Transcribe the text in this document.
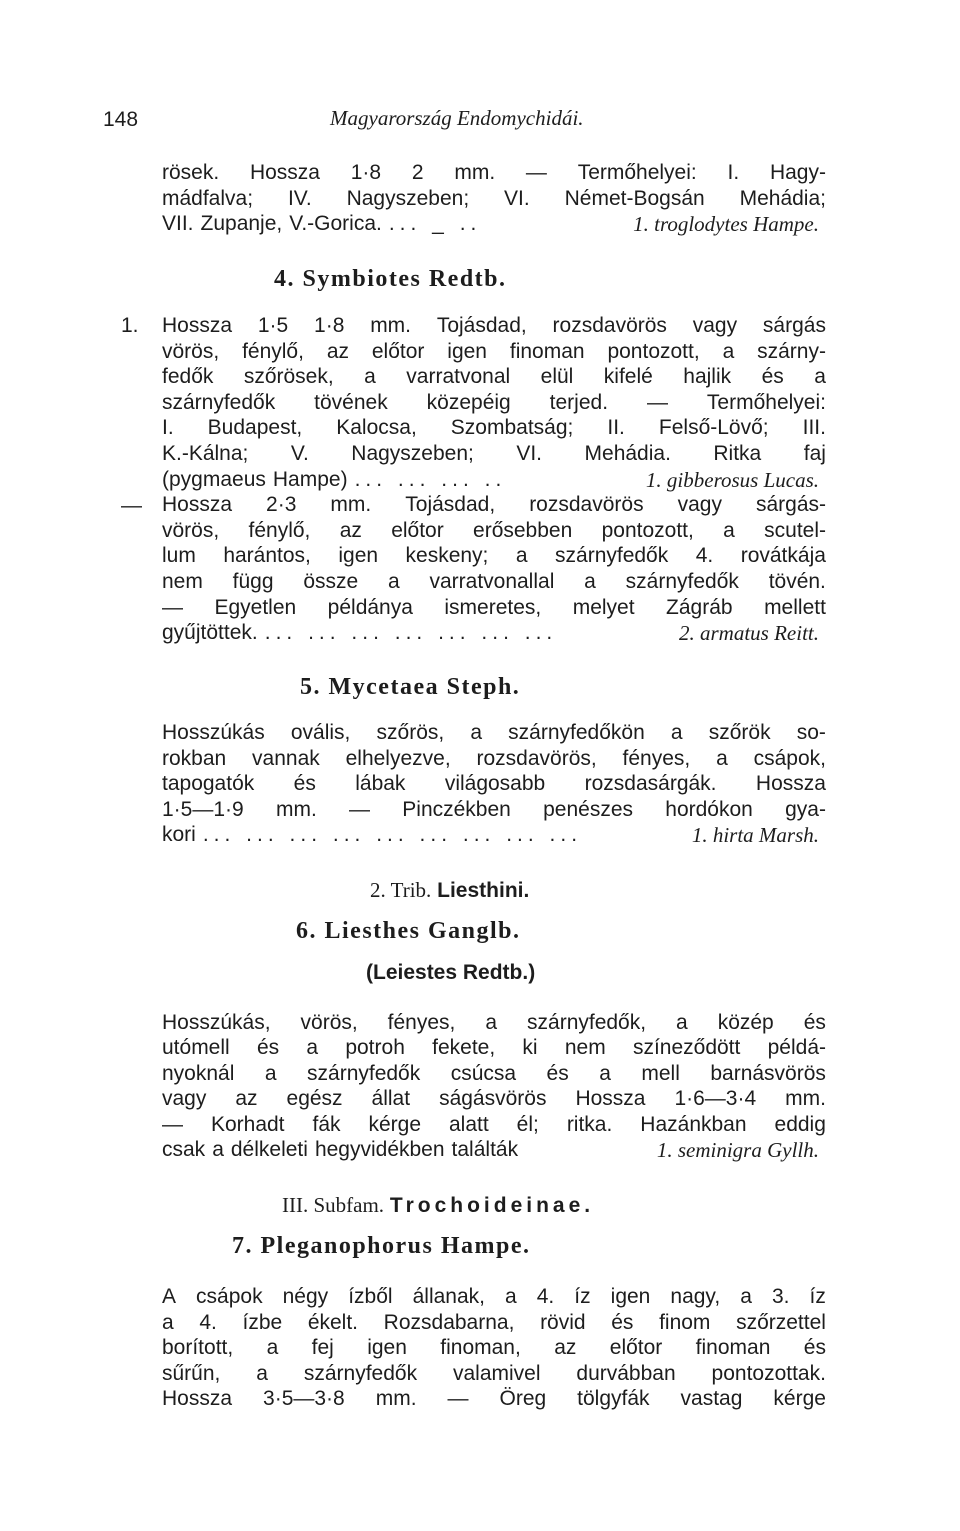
148	Magyarország Endomychidái.
rösek. Hossza 1·8 2 mm. — Termőhelyei: I. Hagy-
mádfalva; IV. Nagyszeben; VI. Német-Bogsán Mehádia;
VII. Zupanje, V.-Gorica. ... _ ..	1. troglodytes Hampe.
4. Symbiotes Redtb.
1.
—
Hossza 1·5 1·8 mm. Tojásdad, rozsdavörös vagy sárgás
vörös, fénylő, az előtor igen finoman pontozott, a szárny-
fedők szőrösek, a varratvonal elül kifelé hajlik és a
szárnyfedők tövének közepéig terjed. — Termőhelyei:
I. Budapest, Kalocsa, Szombatság; II. Felső-Lövő; III.
K.-Kálna; V. Nagyszeben; VI. Mehádia. Ritka faj
(pygmaeus Hampe) ... ... ... ..	1. gibberosus Lucas.
Hossza 2·3 mm. Tojásdad, rozsdavörös vagy sárgás-
vörös, fénylő, az előtor erősebben pontozott, a scutel-
lum harántos, igen keskeny; a szárnyfedők 4. rovátkája
nem függ össze a varratvonallal a szárnyfedők tövén.
— Egyetlen példánya ismeretes, melyet Zágráb mellett
gyűjtöttek. ... ... ... ... ... ... ...	2. armatus Reitt.
5. Mycetaea Steph.
Hosszúkás ovális, szőrös, a szárnyfedőkön a szőrök so-
rokban vannak elhelyezve, rozsdavörös, fényes, a csápok,
tapogatók és lábak világosabb rozsdasárgák. Hossza
1·5—1·9 mm. — Pinczékben penészes hordókon gya-
kori ... ... ... ... ... ... ... ... ...	1. hirta Marsh.
2. Trib. Liesthini.
6. Liesthes Ganglb.
(Leiestes Redtb.)
Hosszúkás, vörös, fényes, a szárnyfedők, a közép és
utómell és a potroh fekete, ki nem színeződött példá-
nyoknál a szárnyfedők csúcsa és a mell barnásvörös
vagy az egész állat ságásvörös Hossza 1·6—3·4 mm.
— Korhadt fák kérge alatt él; ritka. Hazánkban eddig
csak a délkeleti hegyvidékben találták	1. seminigra Gyllh.
III. Subfam. Trochoideinae.
7. Pleganophorus Hampe.
A csápok négy ízből állanak, a 4. íz igen nagy, a 3. íz
a 4. ízbe ékelt. Rozsdabarna, rövid és finom szőrzettel
borított, a fej igen finoman, az előtor finoman és
sűrűn, a szárnyfedők valamivel durvábban pontozottak.
Hossza 3·5—3·8 mm. — Öreg tölgyfák vastag kérge
